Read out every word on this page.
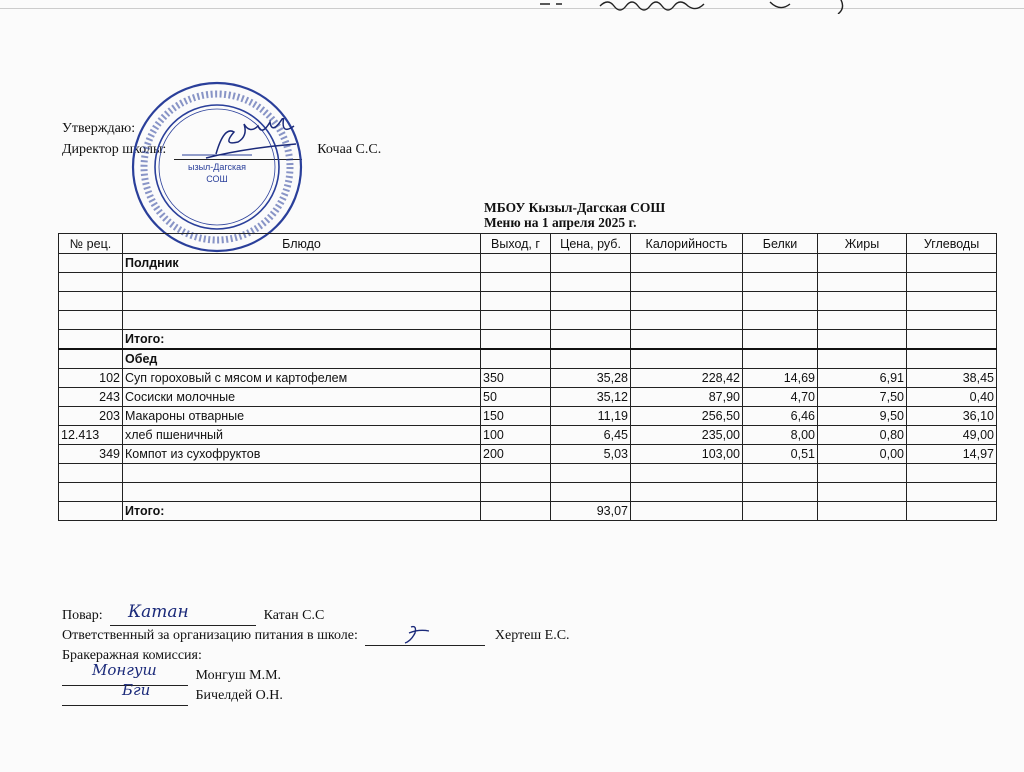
Утверждаю:
Директор школы:	Кочаа С.С.
ызыл-Дагская
СОШ
МБОУ Кызыл-Дагская СОШ
Меню на 1 апреля 2025 г.
№ рец.	Блюдо	Выход, г	Цена, руб.	Калорийность	Белки	Жиры	Углеводы
	Полдник						

	Итого:						
	Обед						
102	Суп гороховый с мясом и картофелем	350	35,28	228,42	14,69	6,91	38,45
243	Сосиски молочные	50	35,12	87,90	4,70	7,50	0,40
203	Макароны отварные	150	11,19	256,50	6,46	9,50	36,10
12.413	хлеб пшеничный	100	6,45	235,00	8,00	0,80	49,00
349	Компот из сухофруктов	200	5,03	103,00	0,51	0,00	14,97

	Итого:		93,07				
Повар: Катан	Катан С.С
Ответственный за организацию питания в школе:	Хертеш Е.С.
Бракеражная комиссия:
Монгуш	Монгуш М.М.
Бги	Бичелдей О.Н.
